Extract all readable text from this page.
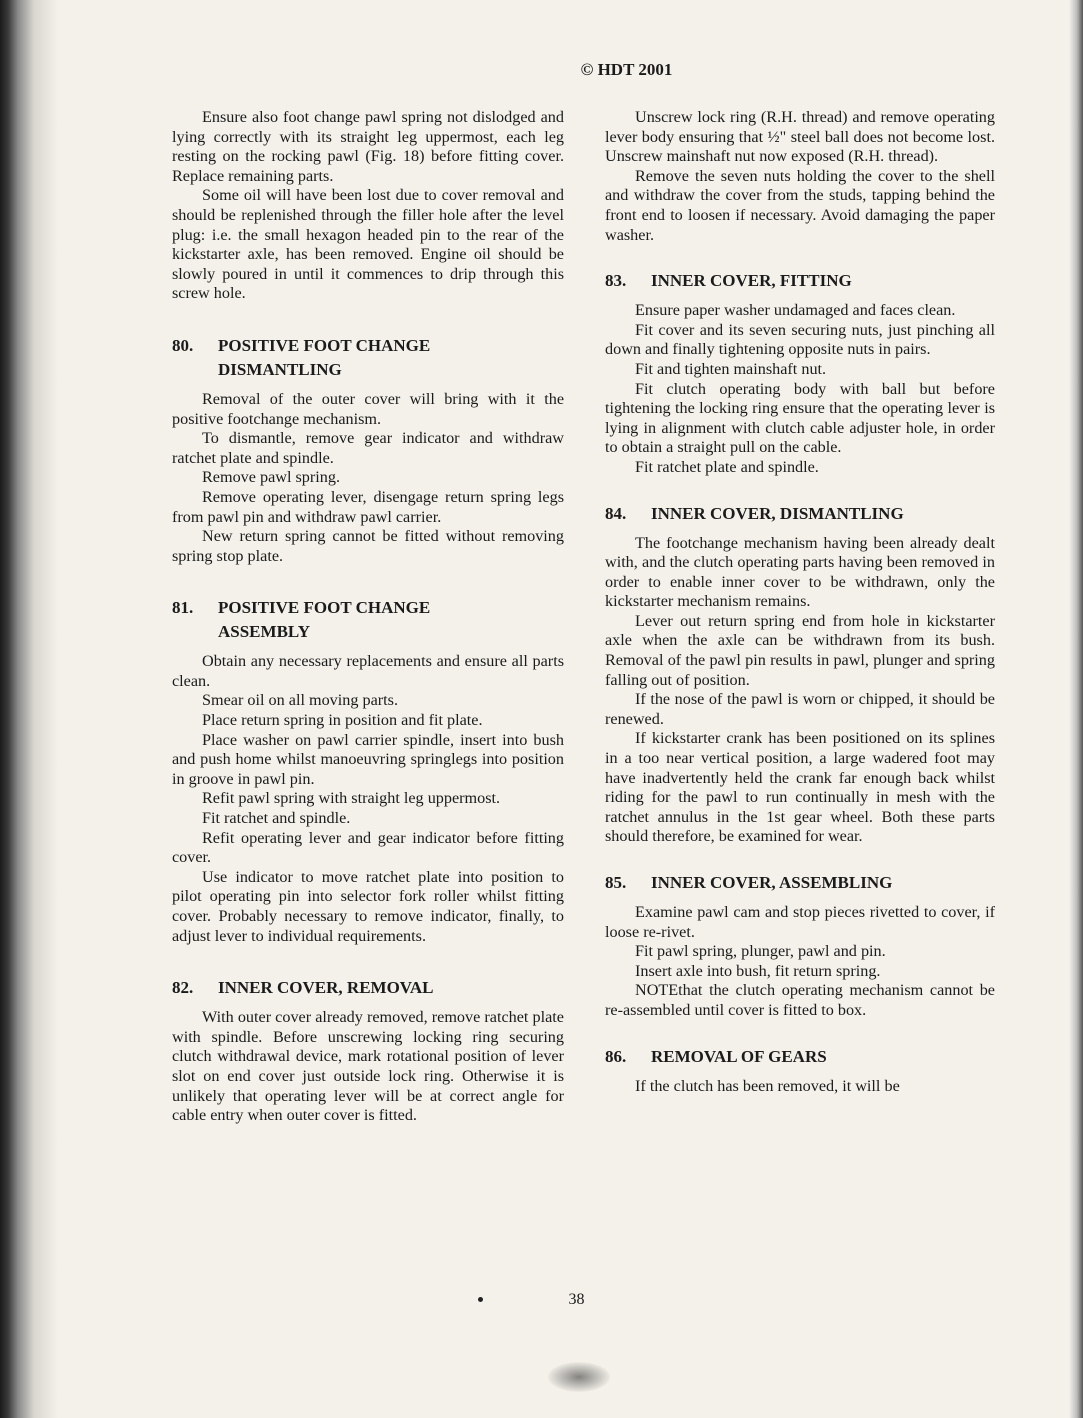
© HDT 2001

Ensure also foot change pawl spring not dislodged and lying correctly with its straight leg uppermost, each leg resting on the rocking pawl (Fig. 18) before fitting cover. Replace remaining parts.

Some oil will have been lost due to cover removal and should be replenished through the filler hole after the level plug: i.e. the small hexagon headed pin to the rear of the kickstarter axle, has been removed. Engine oil should be slowly poured in until it commences to drip through this screw hole.

80.	POSITIVE FOOT CHANGE
DISMANTLING

Removal of the outer cover will bring with it the positive footchange mechanism.

To dismantle, remove gear indicator and withdraw ratchet plate and spindle.

Remove pawl spring.

Remove operating lever, disengage return spring legs from pawl pin and withdraw pawl carrier.

New return spring cannot be fitted without removing spring stop plate.

81.	POSITIVE FOOT CHANGE
ASSEMBLY

Obtain any necessary replacements and ensure all parts clean.

Smear oil on all moving parts.

Place return spring in position and fit plate.

Place washer on pawl carrier spindle, insert into bush and push home whilst manoeuvring springlegs into position in groove in pawl pin.

Refit pawl spring with straight leg uppermost.

Fit ratchet and spindle.

Refit operating lever and gear indicator before fitting cover.

Use indicator to move ratchet plate into position to pilot operating pin into selector fork roller whilst fitting cover. Probably necessary to remove indicator, finally, to adjust lever to individual requirements.

82.	INNER COVER, REMOVAL

With outer cover already removed, remove ratchet plate with spindle. Before unscrewing locking ring securing clutch withdrawal device, mark rotational position of lever slot on end cover just outside lock ring. Otherwise it is unlikely that operating lever will be at correct angle for cable entry when outer cover is fitted.

Unscrew lock ring (R.H. thread) and remove operating lever body ensuring that ½" steel ball does not become lost. Unscrew mainshaft nut now exposed (R.H. thread).

Remove the seven nuts holding the cover to the shell and withdraw the cover from the studs, tapping behind the front end to loosen if necessary. Avoid damaging the paper washer.

83.	INNER COVER, FITTING

Ensure paper washer undamaged and faces clean.

Fit cover and its seven securing nuts, just pinching all down and finally tightening opposite nuts in pairs.

Fit and tighten mainshaft nut.

Fit clutch operating body with ball but before tightening the locking ring ensure that the operating lever is lying in alignment with clutch cable adjuster hole, in order to obtain a straight pull on the cable.

Fit ratchet plate and spindle.

84.	INNER COVER, DISMANTLING

The footchange mechanism having been already dealt with, and the clutch operating parts having been removed in order to enable inner cover to be withdrawn, only the kickstarter mechanism remains.

Lever out return spring end from hole in kickstarter axle when the axle can be withdrawn from its bush. Removal of the pawl pin results in pawl, plunger and spring falling out of position.

If the nose of the pawl is worn or chipped, it should be renewed.

If kickstarter crank has been positioned on its splines in a too near vertical position, a large wadered foot may have inadvertently held the crank far enough back whilst riding for the pawl to run continually in mesh with the ratchet annulus in the 1st gear wheel. Both these parts should therefore, be examined for wear.

85.	INNER COVER, ASSEMBLING

Examine pawl cam and stop pieces rivetted to cover, if loose re-rivet.

Fit pawl spring, plunger, pawl and pin.

Insert axle into bush, fit return spring.

NOTEthat the clutch operating mechanism cannot be re-assembled until cover is fitted to box.

86.	REMOVAL OF GEARS

If the clutch has been removed, it will be

38
